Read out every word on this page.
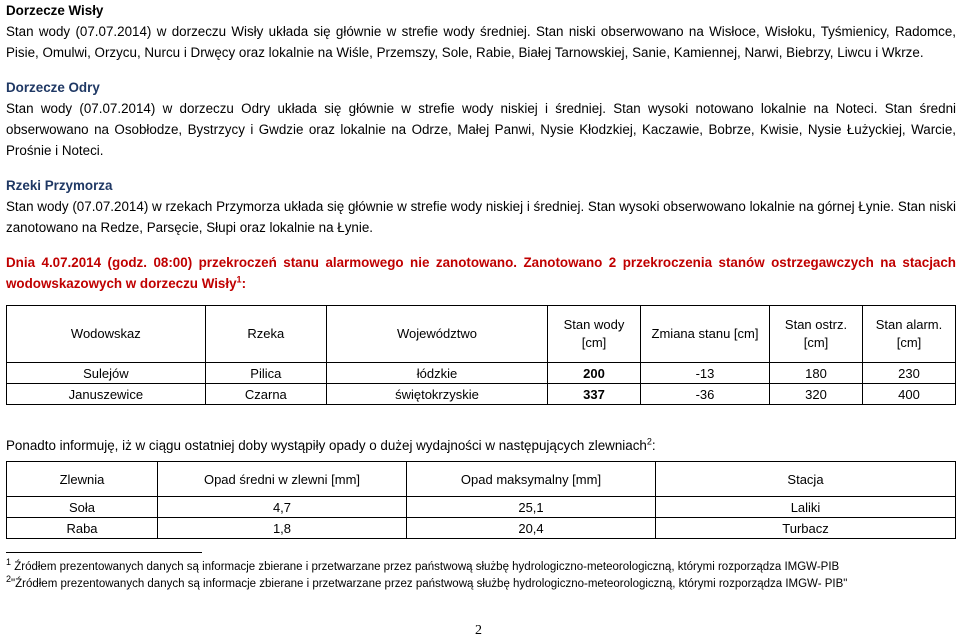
Dorzecze Wisły

Stan wody (07.07.2014) w dorzeczu Wisły układa się głównie w strefie wody średniej. Stan niski obserwowano na Wisłoce, Wisłoku, Tyśmienicy, Radomce, Pisie, Omulwi, Orzycu, Nurcu i Drwęcy oraz lokalnie na Wiśle, Przemszy, Sole, Rabie, Białej Tarnowskiej, Sanie, Kamiennej, Narwi, Biebrzy, Liwcu i Wkrze.

Dorzecze Odry

Stan wody (07.07.2014) w dorzeczu Odry układa się głównie w strefie wody niskiej i średniej. Stan wysoki notowano lokalnie na Noteci. Stan średni obserwowano na Osobłodze, Bystrzycy i Gwdzie oraz lokalnie na Odrze, Małej Panwi, Nysie Kłodzkiej, Kaczawie, Bobrze, Kwisie, Nysie Łużyckiej, Warcie, Prośnie i Noteci.

Rzeki Przymorza

Stan wody (07.07.2014) w rzekach Przymorza układa się głównie w strefie wody niskiej i średniej. Stan wysoki obserwowano lokalnie na górnej Łynie. Stan niski zanotowano na Redze, Parsęcie, Słupi oraz lokalnie na Łynie.

Dnia 4.07.2014 (godz. 08:00) przekroczeń stanu alarmowego nie zanotowano. Zanotowano 2 przekroczenia stanów ostrzegawczych na stacjach wodowskazowych w dorzeczu Wisły$^1$:

Wodowskaz	Rzeka	Województwo	Stan wody [cm]	Zmiana stanu [cm]	Stan ostrz. [cm]	Stan alarm. [cm]
Sulejów	Pilica	łódzkie	200	-13	180	230
Januszewice	Czarna	świętokrzyskie	337	-36	320	400

Ponadto informuję, iż w ciągu ostatniej doby wystąpiły opady o dużej wydajności w następujących zlewniach$^2$:

Zlewnia	Opad średni w zlewni [mm]	Opad maksymalny [mm]	Stacja
Soła	4,7	25,1	Laliki
Raba	1,8	20,4	Turbacz

$^1$ Źródłem prezentowanych danych są informacje zbierane i przetwarzane przez państwową służbę hydrologiczno-meteorologiczną, którymi rozporządza IMGW-PIB

$^2$"Źródłem prezentowanych danych są informacje zbierane i przetwarzane przez państwową służbę hydrologiczno-meteorologiczną, którymi rozporządza IMGW- PIB"

2
